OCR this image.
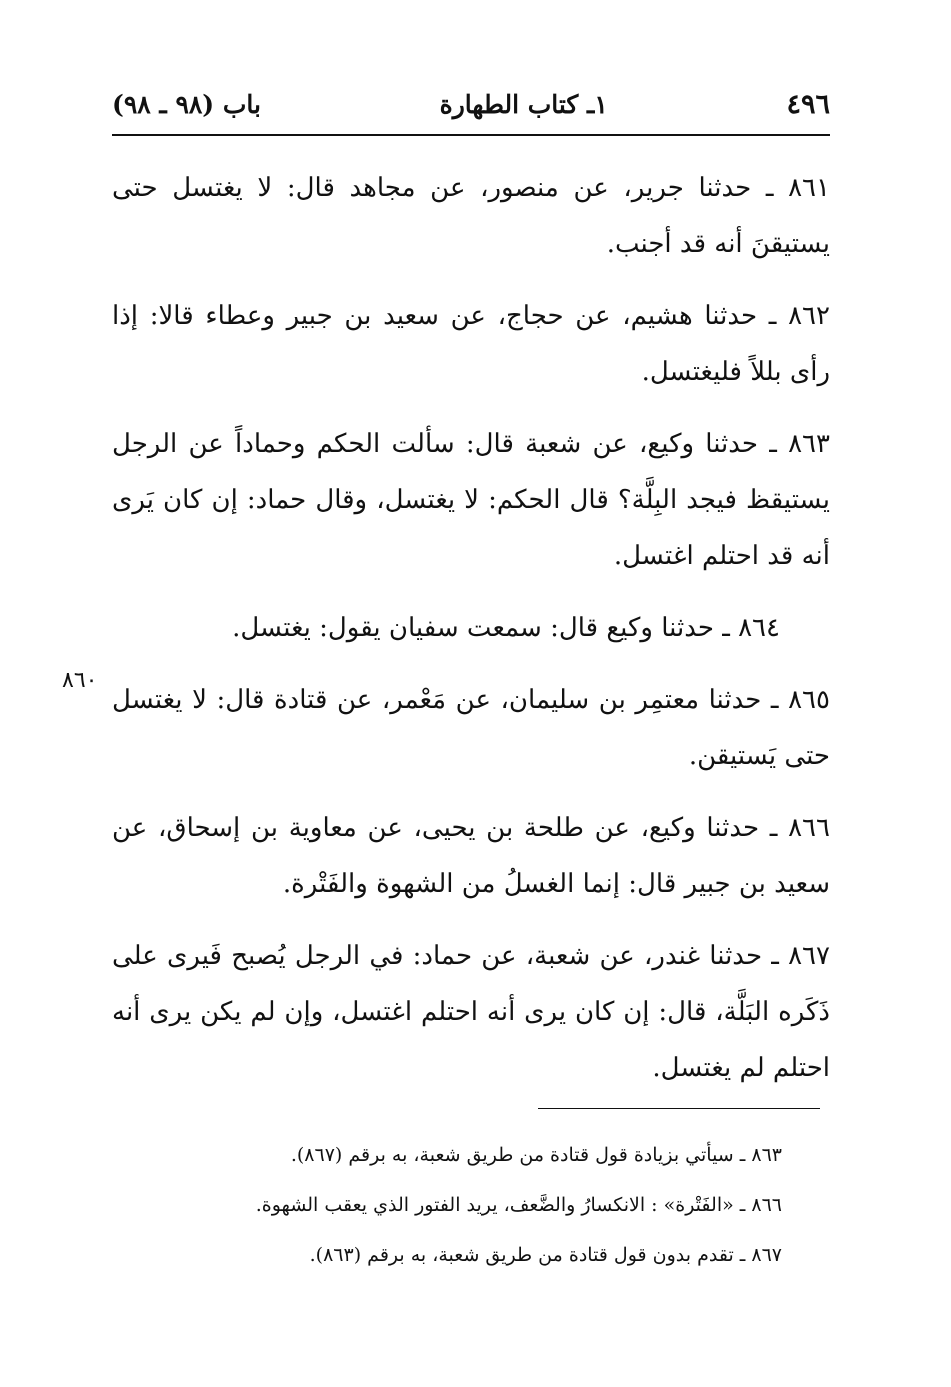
باب (٩٨ ـ ٩٨)	١ـ كتاب الطهارة	٤٩٦
٨٦٠

٨٦١ ـ حدثنا جرير، عن منصور، عن مجاهد قال: لا يغتسل حتى يستيقنَ أنه قد أجنب.

٨٦٢ ـ حدثنا هشيم، عن حجاج، عن سعيد بن جبير وعطاء قالا: إذا رأى بللاً فليغتسل.

٨٦٣ ـ حدثنا وكيع، عن شعبة قال: سألت الحكم وحماداً عن الرجل يستيقظ فيجد البِلَّة؟ قال الحكم: لا يغتسل، وقال حماد: إن كان يَرى أنه قد احتلم اغتسل.

٨٦٤ ـ حدثنا وكيع قال: سمعت سفيان يقول: يغتسل.

٨٦٥ ـ حدثنا معتمِر بن سليمان، عن مَعْمر، عن قتادة قال: لا يغتسل حتى يَستيقن.

٨٦٦ ـ حدثنا وكيع، عن طلحة بن يحيى، عن معاوية بن إسحاق، عن سعيد بن جبير قال: إنما الغسلُ من الشهوة والفَتْرة.

٨٦٧ ـ حدثنا غندر، عن شعبة، عن حماد: في الرجل يُصبح فَيرى على ذَكَره البَلَّة، قال: إن كان يرى أنه احتلم اغتسل، وإن لم يكن يرى أنه احتلم لم يغتسل.

٨٦٣ ـ سيأتي بزيادة قول قتادة من طريق شعبة، به برقم (٨٦٧).
٨٦٦ ـ «الفَتْرة» : الانكسارُ والضَّعف، يريد الفتور الذي يعقب الشهوة.
٨٦٧ ـ تقدم بدون قول قتادة من طريق شعبة، به برقم (٨٦٣).
